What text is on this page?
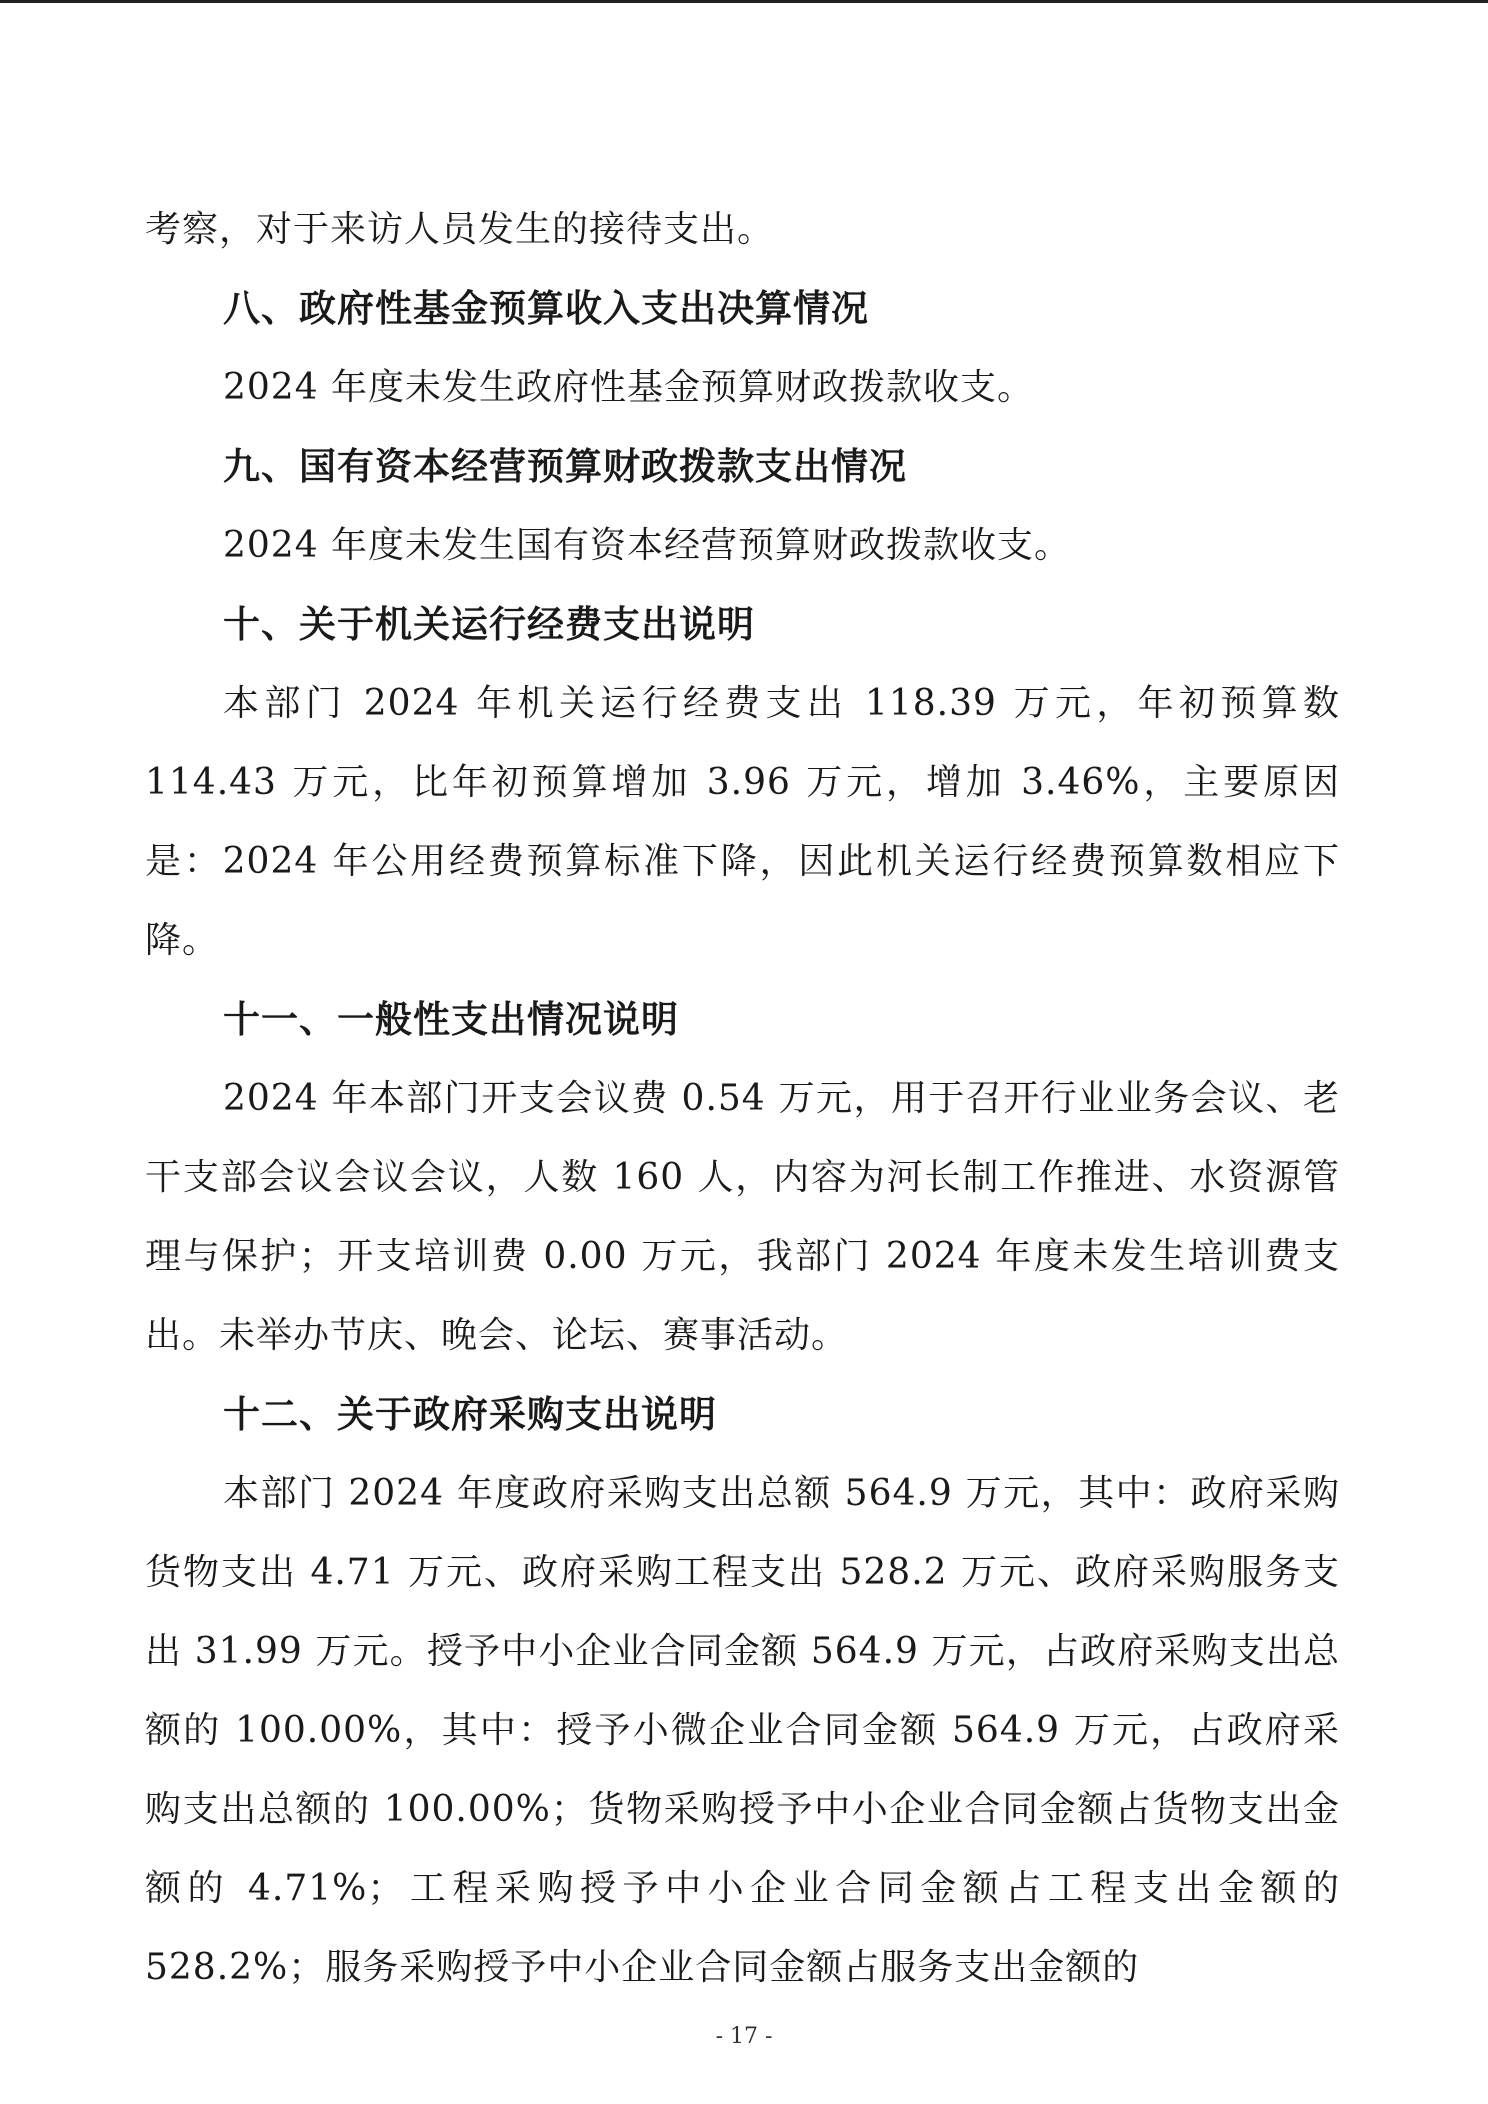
考察，对于来访人员发生的接待支出。

八、政府性基金预算收入支出决算情况

2024 年度未发生政府性基金预算财政拨款收支。

九、国有资本经营预算财政拨款支出情况

2024 年度未发生国有资本经营预算财政拨款收支。

十、关于机关运行经费支出说明

本部门 2024 年机关运行经费支出 118.39 万元，年初预算数 114.43 万元，比年初预算增加 3.96 万元，增加 3.46%，主要原因是：2024 年公用经费预算标准下降，因此机关运行经费预算数相应下降。

十一、一般性支出情况说明

2024 年本部门开支会议费 0.54 万元，用于召开行业业务会议、老干支部会议会议会议，人数 160 人，内容为河长制工作推进、水资源管理与保护；开支培训费 0.00 万元，我部门 2024 年度未发生培训费支出。未举办节庆、晚会、论坛、赛事活动。

十二、关于政府采购支出说明

本部门 2024 年度政府采购支出总额 564.9 万元，其中：政府采购货物支出 4.71 万元、政府采购工程支出 528.2 万元、政府采购服务支出 31.99 万元。授予中小企业合同金额 564.9 万元，占政府采购支出总额的 100.00%，其中：授予小微企业合同金额 564.9 万元，占政府采购支出总额的 100.00%；货物采购授予中小企业合同金额占货物支出金额的 4.71%；工程采购授予中小企业合同金额占工程支出金额的 528.2%；服务采购授予中小企业合同金额占服务支出金额的

- 17 -
